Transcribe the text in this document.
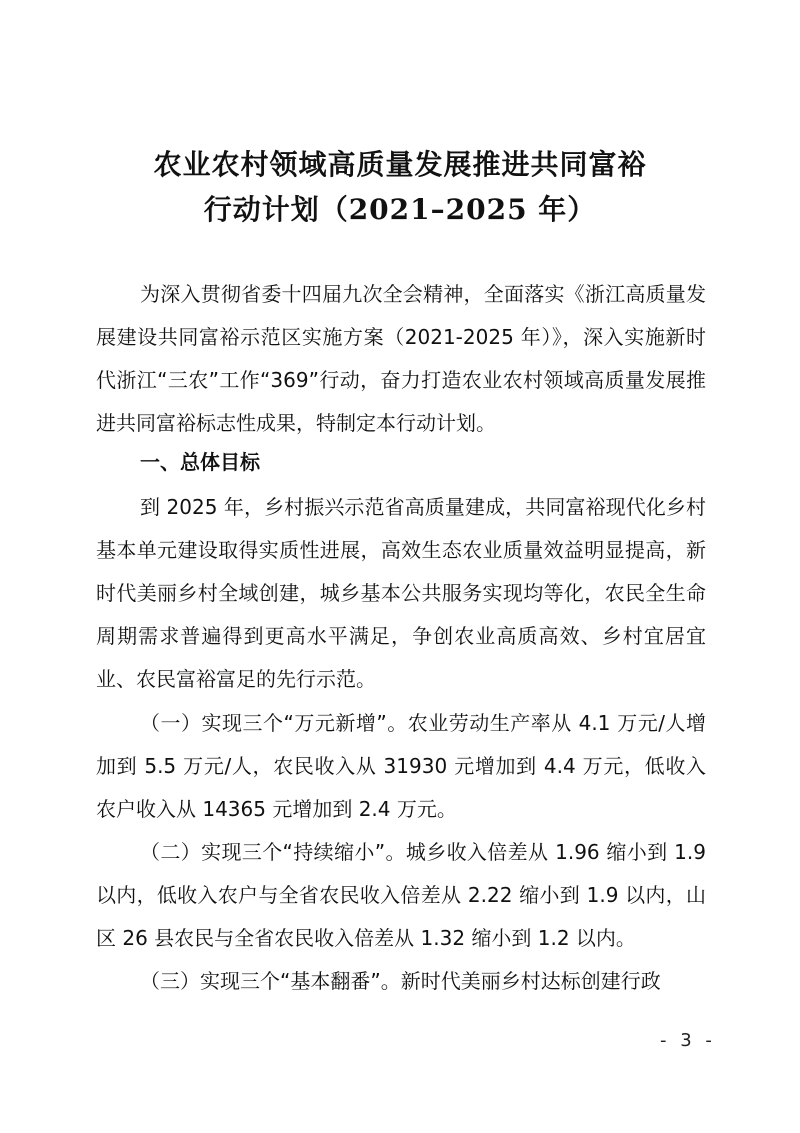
农业农村领域高质量发展推进共同富裕
行动计划（2021–2025 年）
为深入贯彻省委十四届九次全会精神，全面落实《浙江高质量发展建设共同富裕示范区实施方案（2021-2025 年）》，深入实施新时代浙江“三农”工作“369”行动，奋力打造农业农村领域高质量发展推进共同富裕标志性成果，特制定本行动计划。
一、总体目标
到 2025 年，乡村振兴示范省高质量建成，共同富裕现代化乡村基本单元建设取得实质性进展，高效生态农业质量效益明显提高，新时代美丽乡村全域创建，城乡基本公共服务实现均等化，农民全生命周期需求普遍得到更高水平满足，争创农业高质高效、乡村宜居宜业、农民富裕富足的先行示范。
（一）实现三个“万元新增”。农业劳动生产率从 4.1 万元/人增加到 5.5 万元/人，农民收入从 31930 元增加到 4.4 万元，低收入农户收入从 14365 元增加到 2.4 万元。
（二）实现三个“持续缩小”。城乡收入倍差从 1.96 缩小到 1.9 以内，低收入农户与全省农民收入倍差从 2.22 缩小到 1.9 以内，山区 26 县农民与全省农民收入倍差从 1.32 缩小到 1.2 以内。
（三）实现三个“基本翻番”。新时代美丽乡村达标创建行政
- 3 -
